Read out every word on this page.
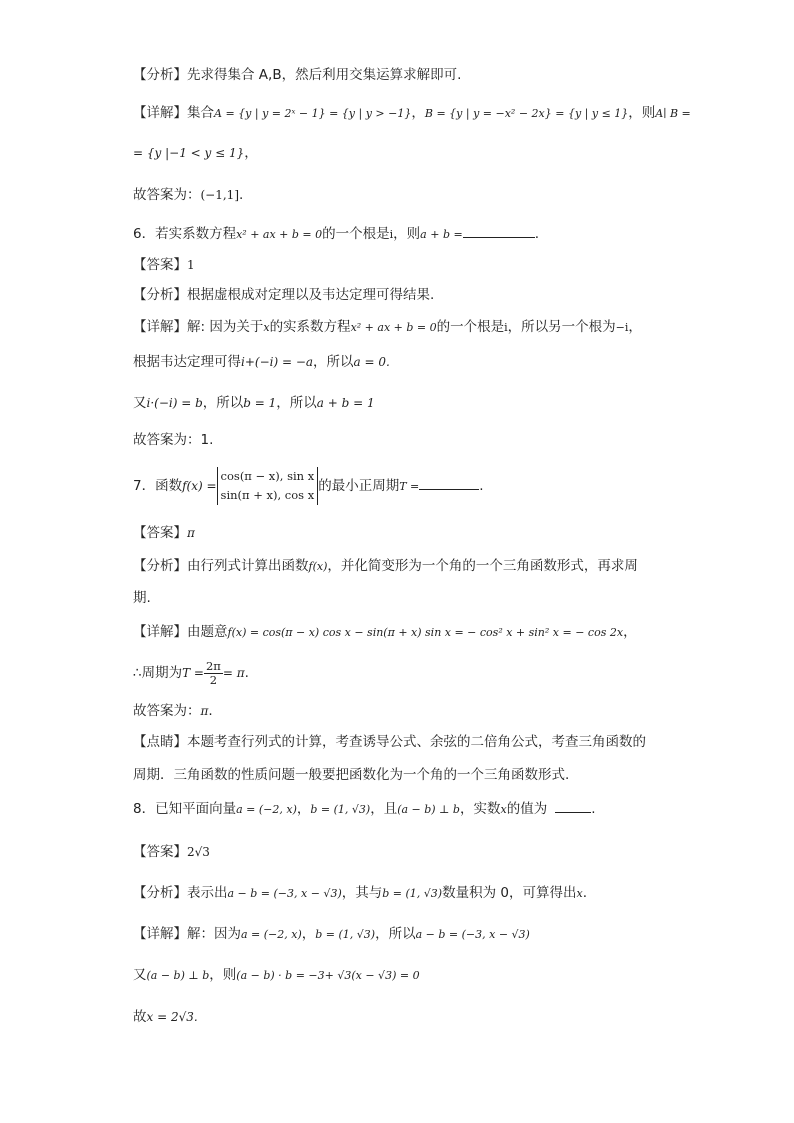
【分析】先求得集合 A,B，然后利用交集运算求解即可.
【详解】集合A = {y | y = 2ˣ − 1} = {y | y > −1}，B = {y | y = −x² − 2x} = {y | y ≤ 1}，则A∣ B =
= {y |−1 < y ≤ 1}，
故答案为：(−1,1].
6．若实系数方程x² + ax + b = 0的一个根是i，则a + b =	.
【答案】1
【分析】根据虚根成对定理以及韦达定理可得结果.
【详解】解: 因为关于x的实系数方程x² + ax + b = 0的一个根是i，所以另一个根为−i，
根据韦达定理可得i+(−i) = −a，所以a = 0.
又i·(−i) = b，所以b = 1，所以a + b = 1
故答案为：1.
7．函数f(x) =
cos(π − x), sin x
sin(π + x), cos x
的最小正周期T =	.
【答案】π
【分析】由行列式计算出函数f(x)，并化简变形为一个角的一个三角函数形式，再求周
期.
【详解】由题意f(x) = cos(π − x) cos x − sin(π + x) sin x = − cos² x + sin² x = − cos 2x，
∴周期为$T = \frac{2\pi}{2} = \pi$.
故答案为：π.
【点睛】本题考查行列式的计算，考查诱导公式、余弦的二倍角公式，考查三角函数的
周期．三角函数的性质问题一般要把函数化为一个角的一个三角函数形式.
8．已知平面向量a = (−2, x)，b = (1, √3)，且(a − b) ⊥ b，实数x的值为	.
【答案】2√3
【分析】表示出a − b = (−3, x − √3)，其与b = (1, √3)数量积为 0，可算得出x.
【详解】解：因为a = (−2, x)，b = (1, √3)，所以a − b = (−3, x − √3)
又(a − b) ⊥ b，则(a − b) · b = −3+ √3(x − √3) = 0
故x = 2√3.
